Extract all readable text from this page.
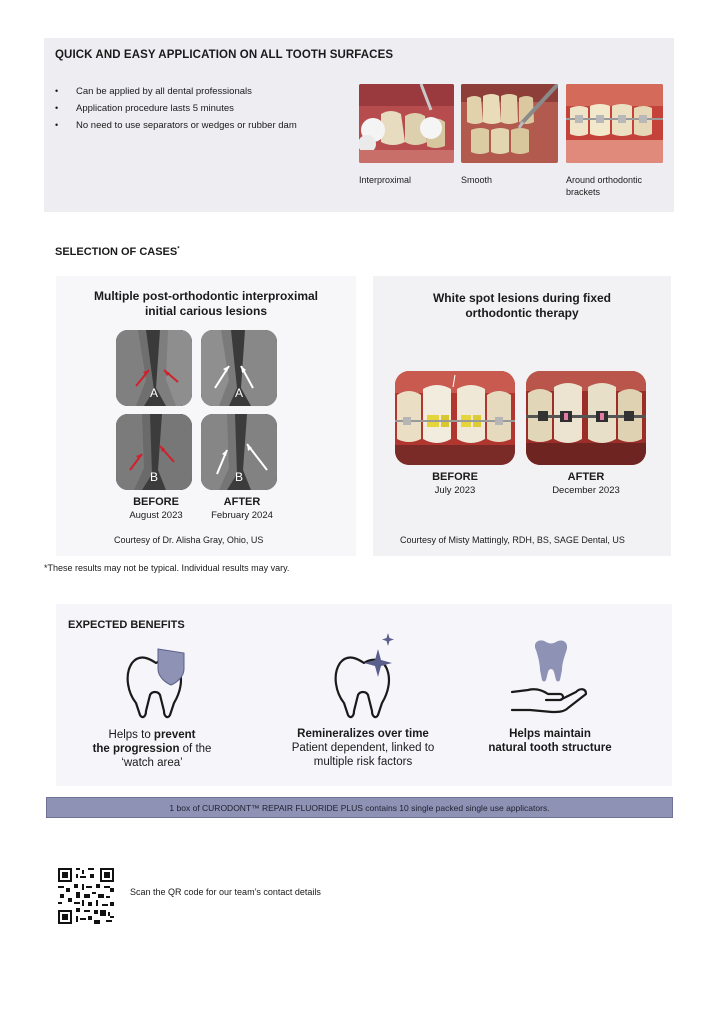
QUICK AND EASY APPLICATION ON ALL TOOTH SURFACES
• Can be applied by all dental professionals
• Application procedure lasts 5 minutes
• No need to use separators or wedges or rubber dam
Interproximal	Smooth	Around orthodontic
brackets
SELECTION OF CASES*
Multiple post-orthodontic interproximal
initial carious lesions
A	A
B	B
BEFORE
August 2023
AFTER
February 2024
Courtesy of Dr. Alisha Gray, Ohio, US
White spot lesions during fixed
orthodontic therapy
BEFORE
July 2023
AFTER
December 2023
Courtesy of Misty Mattingly, RDH, BS, SAGE Dental, US
*These results may not be typical. Individual results may vary.
EXPECTED BENEFITS
Helps to prevent
the progression of the
‘watch area’
Remineralizes over time
Patient dependent, linked to
multiple risk factors
Helps maintain
natural tooth structure
1 box of CURODONT™ REPAIR FLUORIDE PLUS contains 10 single packed single use applicators.
Scan the QR code for our team’s contact details
